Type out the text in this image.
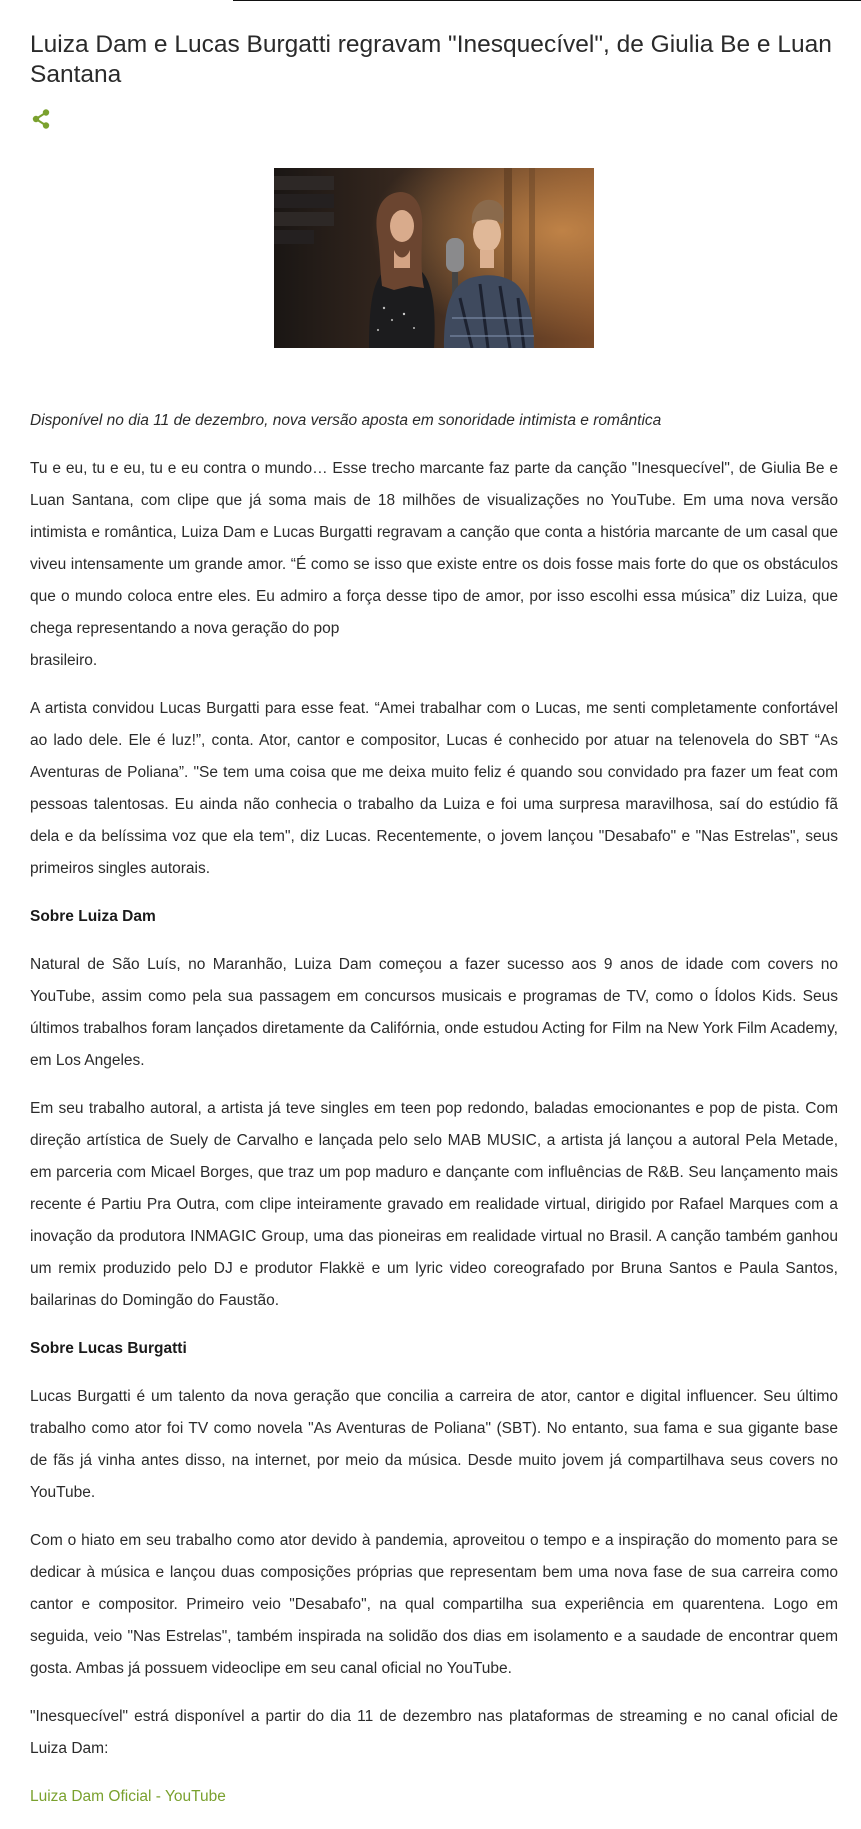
Luiza Dam e Lucas Burgatti regravam "Inesquecível", de Giulia Be e Luan Santana

Disponível no dia 11 de dezembro, nova versão aposta em sonoridade intimista e romântica

Tu e eu, tu e eu, tu e eu contra o mundo… Esse trecho marcante faz parte da canção "Inesquecível", de Giulia Be e Luan Santana, com clipe que já soma mais de 18 milhões de visualizações no YouTube. Em uma nova versão intimista e romântica, Luiza Dam e Lucas Burgatti regravam a canção que conta a história marcante de um casal que viveu intensamente um grande amor. “É como se isso que existe entre os dois fosse mais forte do que os obstáculos que o mundo coloca entre eles. Eu admiro a força desse tipo de amor, por isso escolhi essa música” diz Luiza, que chega representando a nova geração do pop
brasileiro.

A artista convidou Lucas Burgatti para esse feat. “Amei trabalhar com o Lucas, me senti completamente confortável ao lado dele. Ele é luz!”, conta. Ator, cantor e compositor, Lucas é conhecido por atuar na telenovela do SBT “As Aventuras de Poliana”. "Se tem uma coisa que me deixa muito feliz é quando sou convidado pra fazer um feat com pessoas talentosas. Eu ainda não conhecia o trabalho da Luiza e foi uma surpresa maravilhosa, saí do estúdio fã dela e da belíssima voz que ela tem", diz Lucas. Recentemente, o jovem lançou "Desabafo" e "Nas Estrelas", seus primeiros singles autorais.

Sobre Luiza Dam

Natural de São Luís, no Maranhão, Luiza Dam começou a fazer sucesso aos 9 anos de idade com covers no YouTube, assim como pela sua passagem em concursos musicais e programas de TV, como o Ídolos Kids. Seus últimos trabalhos foram lançados diretamente da Califórnia, onde estudou Acting for Film na New York Film Academy, em Los Angeles.

Em seu trabalho autoral, a artista já teve singles em teen pop redondo, baladas emocionantes e pop de pista. Com direção artística de Suely de Carvalho e lançada pelo selo MAB MUSIC, a artista já lançou a autoral Pela Metade, em parceria com Micael Borges, que traz um pop maduro e dançante com influências de R&B. Seu lançamento mais recente é Partiu Pra Outra, com clipe inteiramente gravado em realidade virtual, dirigido por Rafael Marques com a inovação da produtora INMAGIC Group, uma das pioneiras em realidade virtual no Brasil. A canção também ganhou um remix produzido pelo DJ e produtor Flakkë e um lyric video coreografado por Bruna Santos e Paula Santos, bailarinas do Domingão do Faustão.

Sobre Lucas Burgatti

Lucas Burgatti é um talento da nova geração que concilia a carreira de ator, cantor e digital influencer. Seu último trabalho como ator foi TV como novela "As Aventuras de Poliana" (SBT). No entanto, sua fama e sua gigante base de fãs já vinha antes disso, na internet, por meio da música. Desde muito jovem já compartilhava seus covers no YouTube.

Com o hiato em seu trabalho como ator devido à pandemia, aproveitou o tempo e a inspiração do momento para se dedicar à música e lançou duas composições próprias que representam bem uma nova fase de sua carreira como cantor e compositor. Primeiro veio "Desabafo", na qual compartilha sua experiência em quarentena. Logo em seguida, veio "Nas Estrelas", também inspirada na solidão dos dias em isolamento e a saudade de encontrar quem gosta. Ambas já possuem videoclipe em seu canal oficial no YouTube.

"Inesquecível" estrá disponível a partir do dia 11 de dezembro nas plataformas de streaming e no canal oficial de Luiza Dam:

Luiza Dam Oficial - YouTube
